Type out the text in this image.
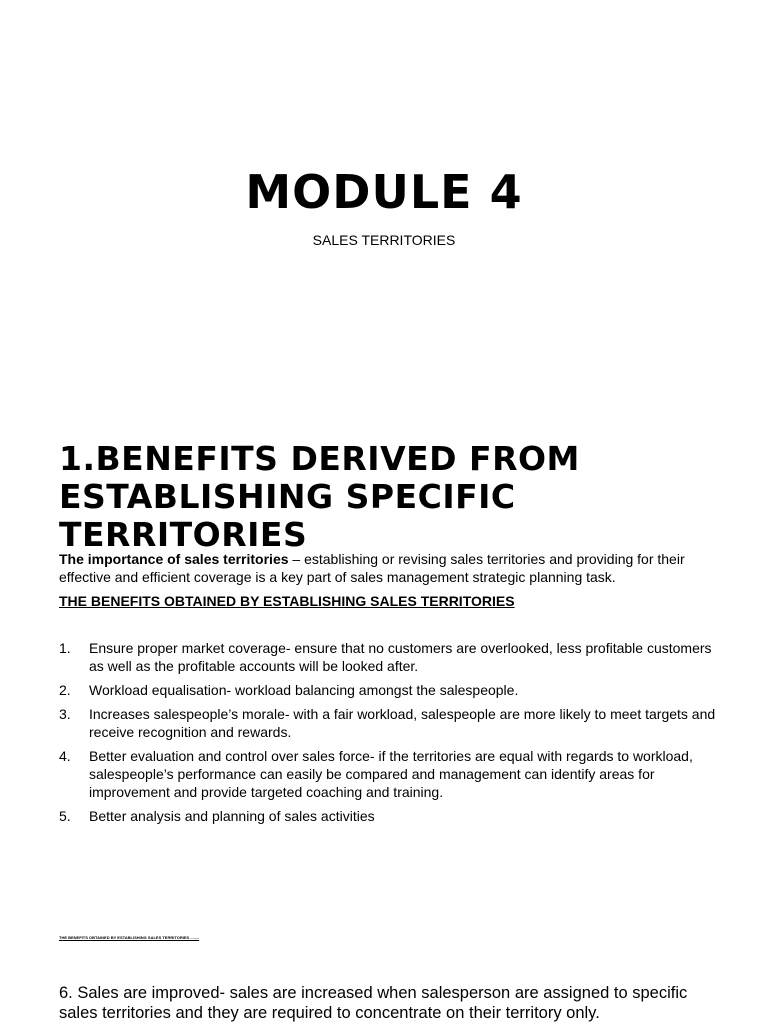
MODULE 4

SALES TERRITORIES

1.BENEFITS DERIVED FROM ESTABLISHING SPECIFIC TERRITORIES

The importance of sales territories – establishing or revising sales territories and providing for their effective and efficient coverage is a key part of sales management strategic planning task.

THE BENEFITS OBTAINED BY ESTABLISHING SALES TERRITORIES

1.	Ensure proper market coverage- ensure that no customers are overlooked, less profitable customers as well as the profitable accounts will be looked after.
2.	Workload equalisation- workload balancing amongst the salespeople.
3.	Increases salespeople’s morale- with a fair workload, salespeople are more likely to meet targets and receive recognition and rewards.
4.	Better evaluation and control over sales force- if the territories are equal with regards to workload, salespeople’s performance can easily be compared and management can identify areas for improvement and provide targeted coaching and training.
5.	Better analysis and planning of sales activities

THE BENEFITS OBTAINED BY ESTABLISHING SALES TERRITORIES ........

6. Sales are improved- sales are increased when salesperson are assigned to specific sales territories and they are required to concentrate on their territory only.
